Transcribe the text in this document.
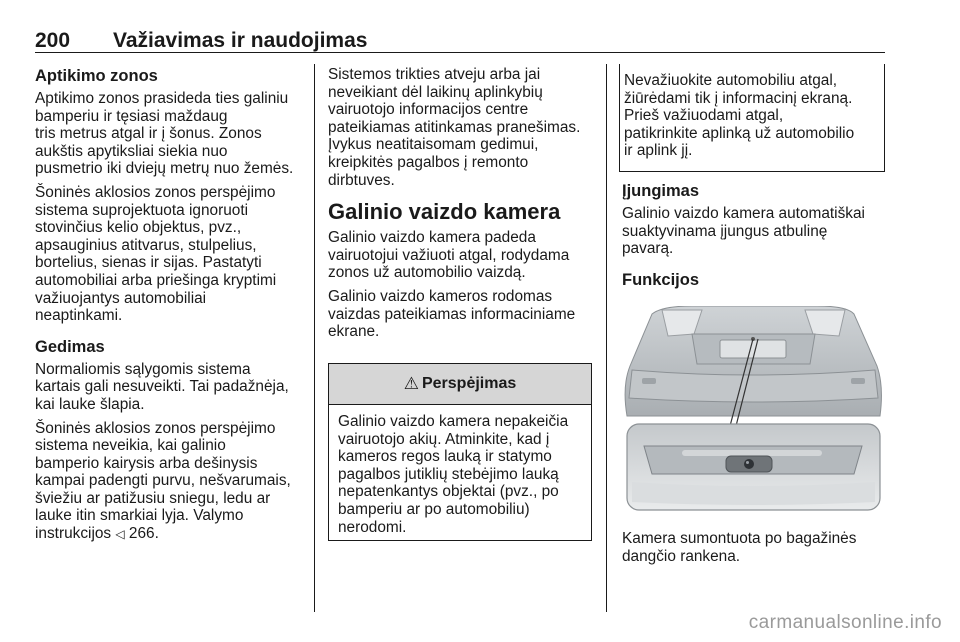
200 Važiavimas ir naudojimas
Aptikimo zonos

Aptikimo zonos prasideda ties galiniu
bamperiu ir tęsiasi maždaug
tris metrus atgal ir į šonus. Zonos
aukštis apytiksliai siekia nuo
pusmetrio iki dviejų metrų nuo žemės.

Šoninės aklosios zonos perspėjimo
sistema suprojektuota ignoruoti
stovinčius kelio objektus, pvz.,
apsauginius atitvarus, stulpelius,
bortelius, sienas ir sijas. Pastatyti
automobiliai arba priešinga kryptimi
važiuojantys automobiliai
neaptinkami.

Gedimas

Normaliomis sąlygomis sistema
kartais gali nesuveikti. Tai padažnėja,
kai lauke šlapia.

Šoninės aklosios zonos perspėjimo
sistema neveikia, kai galinio
bamperio kairysis arba dešinysis
kampai padengti purvu, nešvarumais,
šviežiu ar patižusiu sniegu, ledu ar
lauke itin smarkiai lyja. Valymo
instrukcijos ◁ 266.

Sistemos trikties atveju arba jai
neveikiant dėl laikinų aplinkybių
vairuotojo informacijos centre
pateikiamas atitinkamas pranešimas.
Įvykus neatitaisomam gedimui,
kreipkitės pagalbos į remonto
dirbtuves.

Galinio vaizdo kamera

Galinio vaizdo kamera padeda
vairuotojui važiuoti atgal, rodydama
zonos už automobilio vaizdą.

Galinio vaizdo kameros rodomas
vaizdas pateikiamas informaciniame
ekrane.

⚠ Perspėjimas
Galinio vaizdo kamera nepakeičia
vairuotojo akių. Atminkite, kad į
kameros regos lauką ir statymo
pagalbos jutiklių stebėjimo lauką
nepatenkantys objektai (pvz., po
bamperiu ar po automobiliu)
nerodomi.
Nevažiuokite automobiliu atgal,
žiūrėdami tik į informacinį ekraną.
Prieš važiuodami atgal,
patikrinkite aplinką už automobilio
ir aplink jį.
Įjungimas

Galinio vaizdo kamera automatiškai
suaktyvinama įjungus atbulinę
pavarą.

Funkcijos
Kamera sumontuota po bagažinės
dangčio rankena.
carmanualsonline.info
